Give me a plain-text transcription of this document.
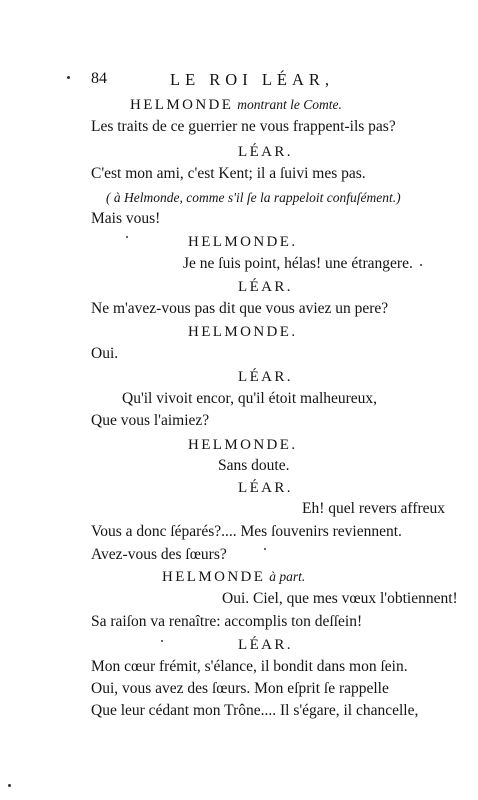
84	LE ROI LÉAR,
HELMONDE montrant le Comte.
Les traits de ce guerrier ne vous frappent-ils pas?
LÉAR.
C'est mon ami, c'est Kent; il a ſuivi mes pas.
( à Helmonde, comme s'il ſe la rappeloit confuſément.)
Mais vous!
HELMONDE.
Je ne ſuis point, hélas! une étrangere.
LÉAR.
Ne m'avez-vous pas dit que vous aviez un pere?
HELMONDE.
Oui.
LÉAR.
Qu'il vivoit encor, qu'il étoit malheureux,
Que vous l'aimiez?
HELMONDE.
Sans doute.
LÉAR.
Eh! quel revers affreux
Vous a donc ſéparés?.... Mes ſouvenirs reviennent.
Avez-vous des ſœurs?
HELMONDE à part.
Oui. Ciel, que mes vœux l'obtiennent!
Sa raiſon va renaître: accomplis ton deſſein!
LÉAR.
Mon cœur frémit, s'élance, il bondit dans mon ſein.
Oui, vous avez des ſœurs. Mon eſprit ſe rappelle
Que leur cédant mon Trône.... Il s'égare, il chancelle,
